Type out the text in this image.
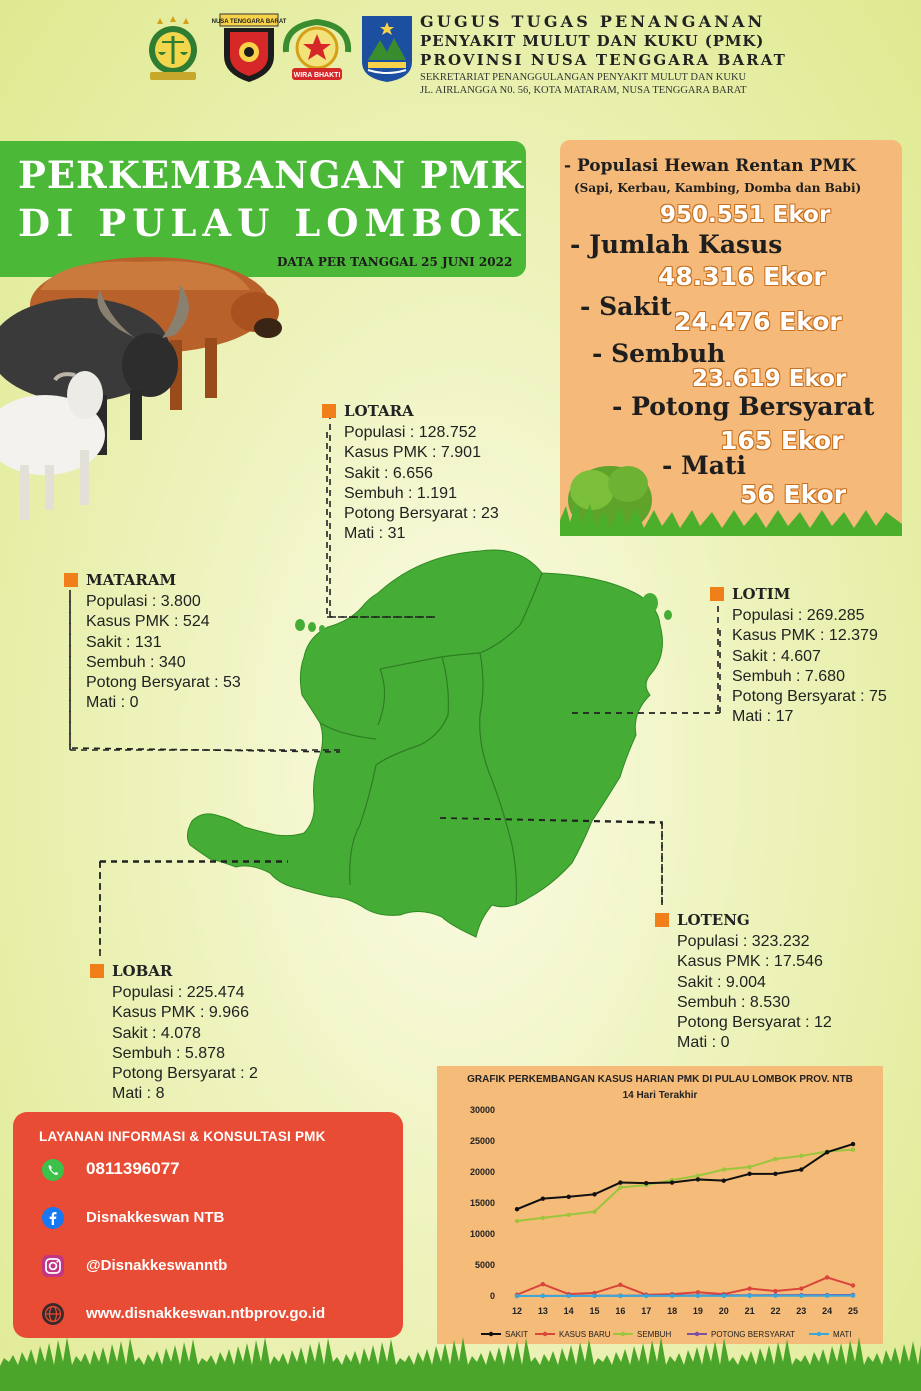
NUSA TENGGARA BARAT
WIRA BHAKTI
GUGUS TUGAS PENANGANAN
PENYAKIT MULUT DAN KUKU (PMK)
PROVINSI NUSA TENGGARA BARAT
SEKRETARIAT PENANGGULANGAN PENYAKIT MULUT DAN KUKU
JL. AIRLANGGA N0. 56, KOTA MATARAM, NUSA TENGGARA BARAT
PERKEMBANGAN PMK
DI PULAU LOMBOK
DATA PER TANGGAL 25 JUNI 2022
- Populasi Hewan Rentan PMK
(Sapi, Kerbau, Kambing, Domba dan Babi)
950.551 Ekor
- Jumlah Kasus
48.316 Ekor
- Sakit
24.476 Ekor
- Sembuh
23.619 Ekor
- Potong Bersyarat
165 Ekor
- Mati
56 Ekor
LOTARA
Populasi : 128.752
Kasus PMK : 7.901
Sakit : 6.656
Sembuh : 1.191
Potong Bersyarat : 23
Mati : 31
MATARAM
Populasi : 3.800
Kasus PMK : 524
Sakit : 131
Sembuh : 340
Potong Bersyarat : 53
Mati : 0
LOTIM
Populasi : 269.285
Kasus PMK : 12.379
Sakit : 4.607
Sembuh : 7.680
Potong Bersyarat : 75
Mati : 17
LOTENG
Populasi : 323.232
Kasus PMK : 17.546
Sakit : 9.004
Sembuh : 8.530
Potong Bersyarat : 12
Mati : 0
LOBAR
Populasi : 225.474
Kasus PMK : 9.966
Sakit : 4.078
Sembuh : 5.878
Potong Bersyarat : 2
Mati : 8
LAYANAN INFORMASI & KONSULTASI PMK
0811396077
Disnakkeswan NTB
@Disnakkeswanntb
www.disnakkeswan.ntbprov.go.id
GRAFIK PERKEMBANGAN KASUS HARIAN PMK DI PULAU LOMBOK PROV. NTB
14 Hari Terakhir
0
5000
10000
15000
20000
25000
30000
12 13 14 15 16 17 18 19 20 21 22 23 24 25
SAKIT	KASUS BARU	SEMBUH	POTONG BERSYARAT	MATI
